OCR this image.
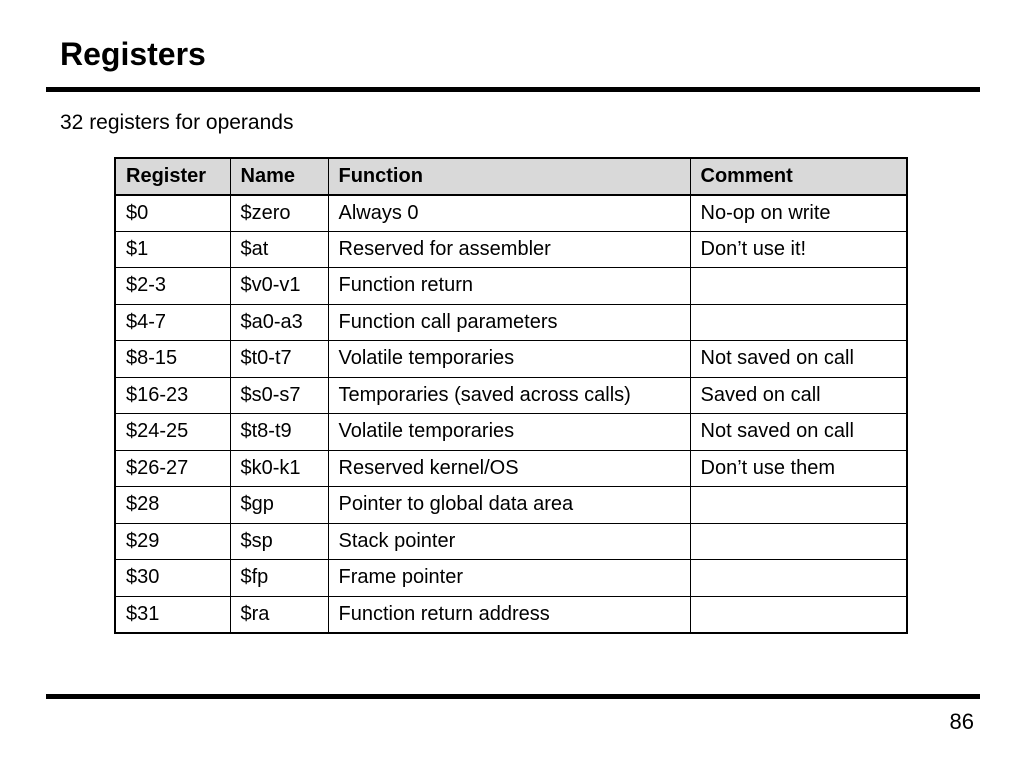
Registers

32 registers for operands

Register	Name	Function	Comment
$0	$zero	Always 0	No-op on write
$1	$at	Reserved for assembler	Don’t use it!
$2-3	$v0-v1	Function return	
$4-7	$a0-a3	Function call parameters	
$8-15	$t0-t7	Volatile temporaries	Not saved on call
$16-23	$s0-s7	Temporaries (saved across calls)	Saved on call
$24-25	$t8-t9	Volatile temporaries	Not saved on call
$26-27	$k0-k1	Reserved kernel/OS	Don’t use them
$28	$gp	Pointer to global data area	
$29	$sp	Stack pointer	
$30	$fp	Frame pointer	
$31	$ra	Function return address	
86
